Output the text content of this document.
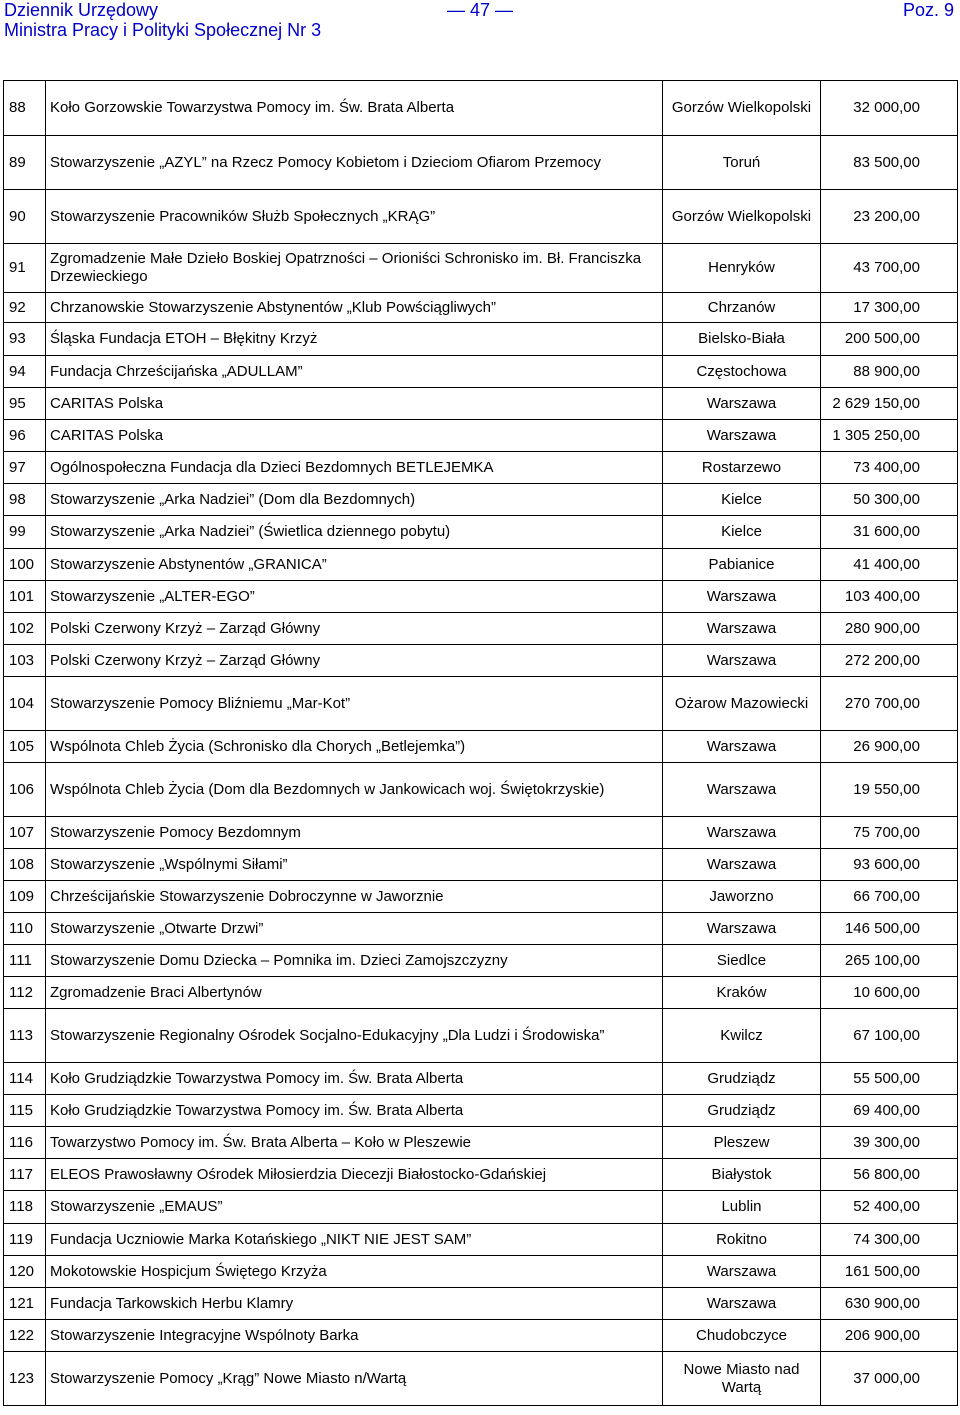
Dziennik Urzędowy
Ministra Pracy i Polityki Społecznej Nr 3
— 47 —	Poz. 9
88	Koło Gorzowskie Towarzystwa Pomocy im. Św. Brata Alberta	Gorzów Wielkopolski	32 000,00
89	Stowarzyszenie „AZYL” na Rzecz Pomocy Kobietom i Dzieciom Ofiarom Przemocy	Toruń	83 500,00
90	Stowarzyszenie Pracowników Służb Społecznych „KRĄG”	Gorzów Wielkopolski	23 200,00
91	Zgromadzenie Małe Dzieło Boskiej Opatrzności – Orioniści Schronisko im. Bł. Franciszka Drzewieckiego	Henryków	43 700,00
92	Chrzanowskie Stowarzyszenie Abstynentów „Klub Powściągliwych”	Chrzanów	17 300,00
93	Śląska Fundacja ETOH – Błękitny Krzyż	Bielsko-Biała	200 500,00
94	Fundacja Chrześcijańska „ADULLAM”	Częstochowa	88 900,00
95	CARITAS Polska	Warszawa	2 629 150,00
96	CARITAS Polska	Warszawa	1 305 250,00
97	Ogólnospołeczna Fundacja dla Dzieci Bezdomnych BETLEJEMKA	Rostarzewo	73 400,00
98	Stowarzyszenie „Arka Nadziei” (Dom dla Bezdomnych)	Kielce	50 300,00
99	Stowarzyszenie „Arka Nadziei” (Świetlica dziennego pobytu)	Kielce	31 600,00
100	Stowarzyszenie Abstynentów „GRANICA”	Pabianice	41 400,00
101	Stowarzyszenie „ALTER-EGO”	Warszawa	103 400,00
102	Polski Czerwony Krzyż – Zarząd Główny	Warszawa	280 900,00
103	Polski Czerwony Krzyż – Zarząd Główny	Warszawa	272 200,00
104	Stowarzyszenie Pomocy Bliźniemu „Mar-Kot”	Ożarow Mazowiecki	270 700,00
105	Wspólnota Chleb Życia (Schronisko dla Chorych „Betlejemka”)	Warszawa	26 900,00
106	Wspólnota Chleb Życia (Dom dla Bezdomnych w Jankowicach woj. Świętokrzyskie)	Warszawa	19 550,00
107	Stowarzyszenie Pomocy Bezdomnym	Warszawa	75 700,00
108	Stowarzyszenie „Wspólnymi Siłami”	Warszawa	93 600,00
109	Chrześcijańskie Stowarzyszenie Dobroczynne w Jaworznie	Jaworzno	66 700,00
110	Stowarzyszenie „Otwarte Drzwi”	Warszawa	146 500,00
111	Stowarzyszenie Domu Dziecka – Pomnika im. Dzieci Zamojszczyzny	Siedlce	265 100,00
112	Zgromadzenie Braci Albertynów	Kraków	10 600,00
113	Stowarzyszenie Regionalny Ośrodek Socjalno-Edukacyjny „Dla Ludzi i Środowiska”	Kwilcz	67 100,00
114	Koło Grudziądzkie Towarzystwa Pomocy im. Św. Brata Alberta	Grudziądz	55 500,00
115	Koło Grudziądzkie Towarzystwa Pomocy im. Św. Brata Alberta	Grudziądz	69 400,00
116	Towarzystwo Pomocy im. Św. Brata Alberta – Koło w Pleszewie	Pleszew	39 300,00
117	ELEOS Prawosławny Ośrodek Miłosierdzia Diecezji Białostocko-Gdańskiej	Białystok	56 800,00
118	Stowarzyszenie „EMAUS”	Lublin	52 400,00
119	Fundacja Uczniowie Marka Kotańskiego „NIKT NIE JEST SAM”	Rokitno	74 300,00
120	Mokotowskie Hospicjum Świętego Krzyża	Warszawa	161 500,00
121	Fundacja Tarkowskich Herbu Klamry	Warszawa	630 900,00
122	Stowarzyszenie Integracyjne Wspólnoty Barka	Chudobczyce	206 900,00
123	Stowarzyszenie Pomocy „Krąg” Nowe Miasto n/Wartą	Nowe Miasto nad Wartą	37 000,00
